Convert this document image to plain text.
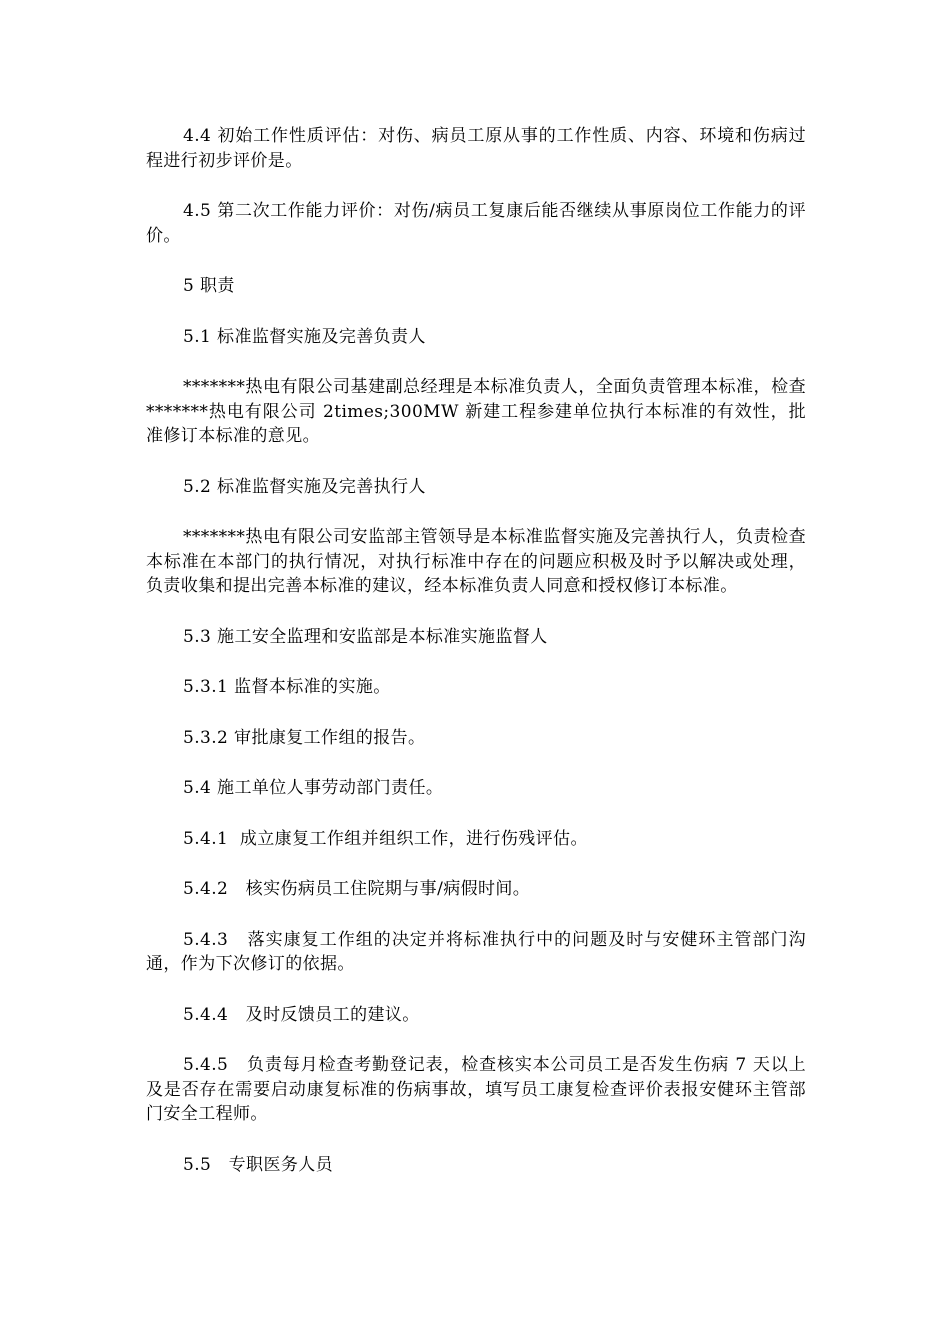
4.4 初始工作性质评估：对伤、病员工原从事的工作性质、内容、环境和伤病过程进行初步评价是。

4.5 第二次工作能力评价：对伤/病员工复康后能否继续从事原岗位工作能力的评价。

5 职责

5.1 标准监督实施及完善负责人

*******热电有限公司基建副总经理是本标准负责人，全面负责管理本标准，检查*******热电有限公司 2times;300MW 新建工程参建单位执行本标准的有效性，批准修订本标准的意见。

5.2 标准监督实施及完善执行人

*******热电有限公司安监部主管领导是本标准监督实施及完善执行人，负责检查本标准在本部门的执行情况，对执行标准中存在的问题应积极及时予以解决或处理，负责收集和提出完善本标准的建议，经本标准负责人同意和授权修订本标准。

5.3 施工安全监理和安监部是本标准实施监督人

5.3.1 监督本标准的实施。

5.3.2 审批康复工作组的报告。

5.4 施工单位人事劳动部门责任。

5.4.1  成立康复工作组并组织工作，进行伤残评估。

5.4.2   核实伤病员工住院期与事/病假时间。

5.4.3   落实康复工作组的决定并将标准执行中的问题及时与安健环主管部门沟通，作为下次修订的依据。

5.4.4   及时反馈员工的建议。

5.4.5   负责每月检查考勤登记表，检查核实本公司员工是否发生伤病 7 天以上及是否存在需要启动康复标准的伤病事故，填写员工康复检查评价表报安健环主管部门安全工程师。

5.5   专职医务人员
